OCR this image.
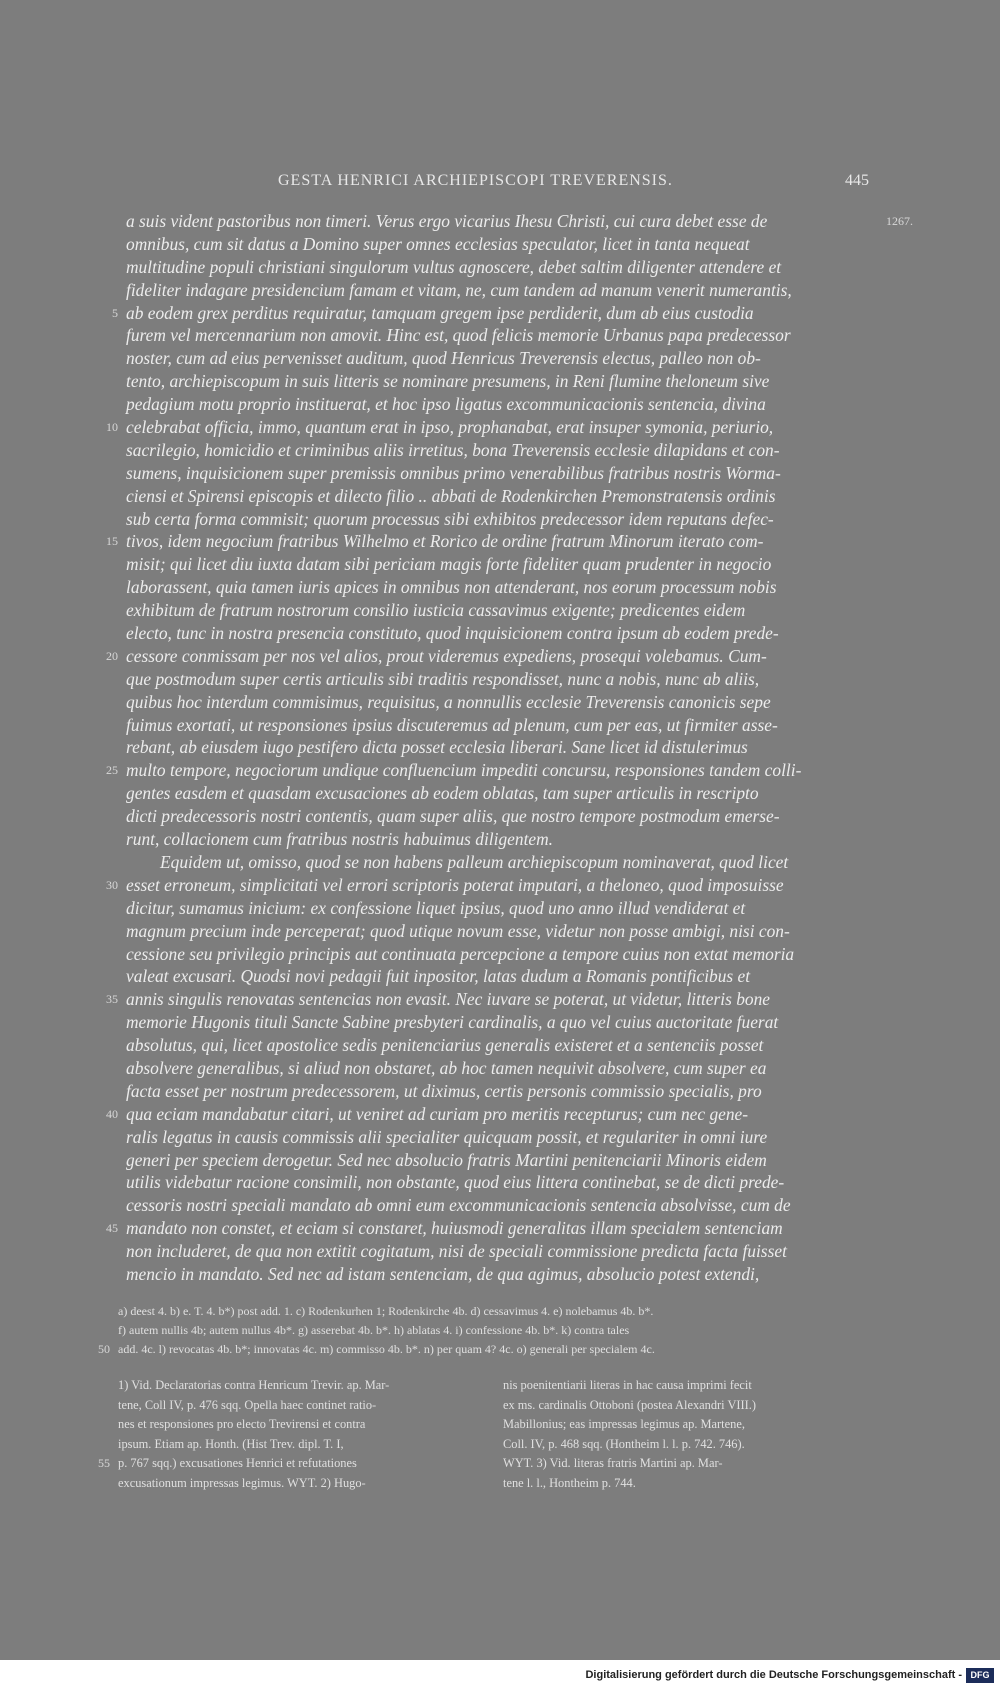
GESTA HENRICI ARCHIEPISCOPI TREVERENSIS.	445
a suis vident pastoribus non timeri. Verus ergo vicarius Ihesu Christi, cui cura debet esse de	1267.
omnibus, cum sit datus a Domino super omnes ecclesias speculator, licet in tanta nequeat
multitudine populi christiani singulorum vultus agnoscere, debet saltim diligenter attendere et
fideliter indagare presidencium famam et vitam, ne, cum tandem ad manum venerit numerantis,
5 ab eodem grex perditus requiratur, tamquam gregem ipse perdiderit, dum ab eius custodia
furem vel mercennarium non amovit. Hinc est, quod felicis memorie Urbanus papa predecessor
noster, cum ad eius pervenisset auditum, quod Henricus Treverensis electus, palleo non ob-
tento, archiepiscopum in suis litteris se nominare presumens, in Reni flumine theloneum sive
pedagium motu proprio instituerat, et hoc ipso ligatus excommunicacionis sentencia, divina
10 celebrabat officia, immo, quantum erat in ipso, prophanabat, erat insuper symonia, periurio,
sacrilegio, homicidio et criminibus aliis irretitus, bona Treverensis ecclesie dilapidans et con-
sumens, inquisicionem super premissis omnibus primo venerabilibus fratribus nostris Worma-
ciensi et Spirensi episcopis et dilecto filio .. abbati de Rodenkirchen Premonstratensis ordinis
sub certa forma commisit; quorum processus sibi exhibitos predecessor idem reputans defec-
15 tivos, idem negocium fratribus Wilhelmo et Rorico de ordine fratrum Minorum iterato com-
misit; qui licet diu iuxta datam sibi periciam magis forte fideliter quam prudenter in negocio
laborassent, quia tamen iuris apices in omnibus non attenderant, nos eorum processum nobis
exhibitum de fratrum nostrorum consilio iusticia cassavimus exigente; predicentes eidem
electo, tunc in nostra presencia constituto, quod inquisicionem contra ipsum ab eodem prede-
20 cessore conmissam per nos vel alios, prout videremus expediens, prosequi volebamus. Cum-
que postmodum super certis articulis sibi traditis respondisset, nunc a nobis, nunc ab aliis,
quibus hoc interdum commisimus, requisitus, a nonnullis ecclesie Treverensis canonicis sepe
fuimus exortati, ut responsiones ipsius discuteremus ad plenum, cum per eas, ut firmiter asse-
rebant, ab eiusdem iugo pestifero dicta posset ecclesia liberari. Sane licet id distulerimus
25 multo tempore, negociorum undique confluencium impediti concursu, responsiones tandem colli-
gentes easdem et quasdam excusaciones ab eodem oblatas, tam super articulis in rescripto
dicti predecessoris nostri contentis, quam super aliis, que nostro tempore postmodum emerse-
runt, collacionem cum fratribus nostris habuimus diligentem.
Equidem ut, omisso, quod se non habens palleum archiepiscopum nominaverat, quod licet
30 esset erroneum, simplicitati vel errori scriptoris poterat imputari, a theloneo, quod imposuisse
dicitur, sumamus inicium: ex confessione liquet ipsius, quod uno anno illud vendiderat et
magnum precium inde perceperat; quod utique novum esse, videtur non posse ambigi, nisi con-
cessione seu privilegio principis aut continuata percepcione a tempore cuius non extat memoria
valeat excusari. Quodsi novi pedagii fuit inpositor, latas dudum a Romanis pontificibus et
35 annis singulis renovatas sentencias non evasit. Nec iuvare se poterat, ut videtur, litteris bone
memorie Hugonis tituli Sancte Sabine presbyteri cardinalis, a quo vel cuius auctoritate fuerat
absolutus, qui, licet apostolice sedis penitenciarius generalis existeret et a sentenciis posset
absolvere generalibus, si aliud non obstaret, ab hoc tamen nequivit absolvere, cum super ea
facta esset per nostrum predecessorem, ut diximus, certis personis commissio specialis, pro
40 qua eciam mandabatur citari, ut veniret ad curiam pro meritis recepturus; cum nec gene-
ralis legatus in causis commissis alii specialiter quicquam possit, et regulariter in omni iure
generi per speciem derogetur. Sed nec absolucio fratris Martini penitenciarii Minoris eidem
utilis videbatur racione consimili, non obstante, quod eius littera continebat, se de dicti prede-
cessoris nostri speciali mandato ab omni eum excommunicacionis sentencia absolvisse, cum de
45 mandato non constet, et eciam si constaret, huiusmodi generalitas illam specialem sentenciam
non includeret, de qua non extitit cogitatum, nisi de speciali commissione predicta facta fuisset
mencio in mandato. Sed nec ad istam sentenciam, de qua agimus, absolucio potest extendi,
a) deest 4. b) e. T. 4. b*) post add. 1. c) Rodenkurhen 1; Rodenkirche 4b. d) cessavimus 4. e) nolebamus 4b. b*.
f) autem nullis 4b; autem nullus 4b*. g) asserebat 4b. b*. h) ablatas 4. i) confessione 4b. b*. k) contra tales
50 add. 4c. l) revocatas 4b. b*; innovatas 4c. m) commisso 4b. b*. n) per quam 4? 4c. o) generali per specialem 4c.
1) Vid. Declaratorias contra Henricum Trevir. ap. Mar-
tene, Coll IV, p. 476 sqq. Opella haec continet ratio-
nes et responsiones pro electo Trevirensi et contra
ipsum. Etiam ap. Honth. (Hist Trev. dipl. T. I,
55 p. 767 sqq.) excusationes Henrici et refutationes
excusationum impressas legimus. WYT. 2) Hugo-
nis poenitentiarii literas in hac causa imprimi fecit
ex ms. cardinalis Ottoboni (postea Alexandri VIII.)
Mabillonius; eas impressas legimus ap. Martene,
Coll. IV, p. 468 sqq. (Hontheim l. l. p. 742. 746).
WYT. 3) Vid. literas fratris Martini ap. Mar-
tene l. l., Hontheim p. 744.
Digitalisierung gefördert durch die Deutsche Forschungsgemeinschaft - DFG
